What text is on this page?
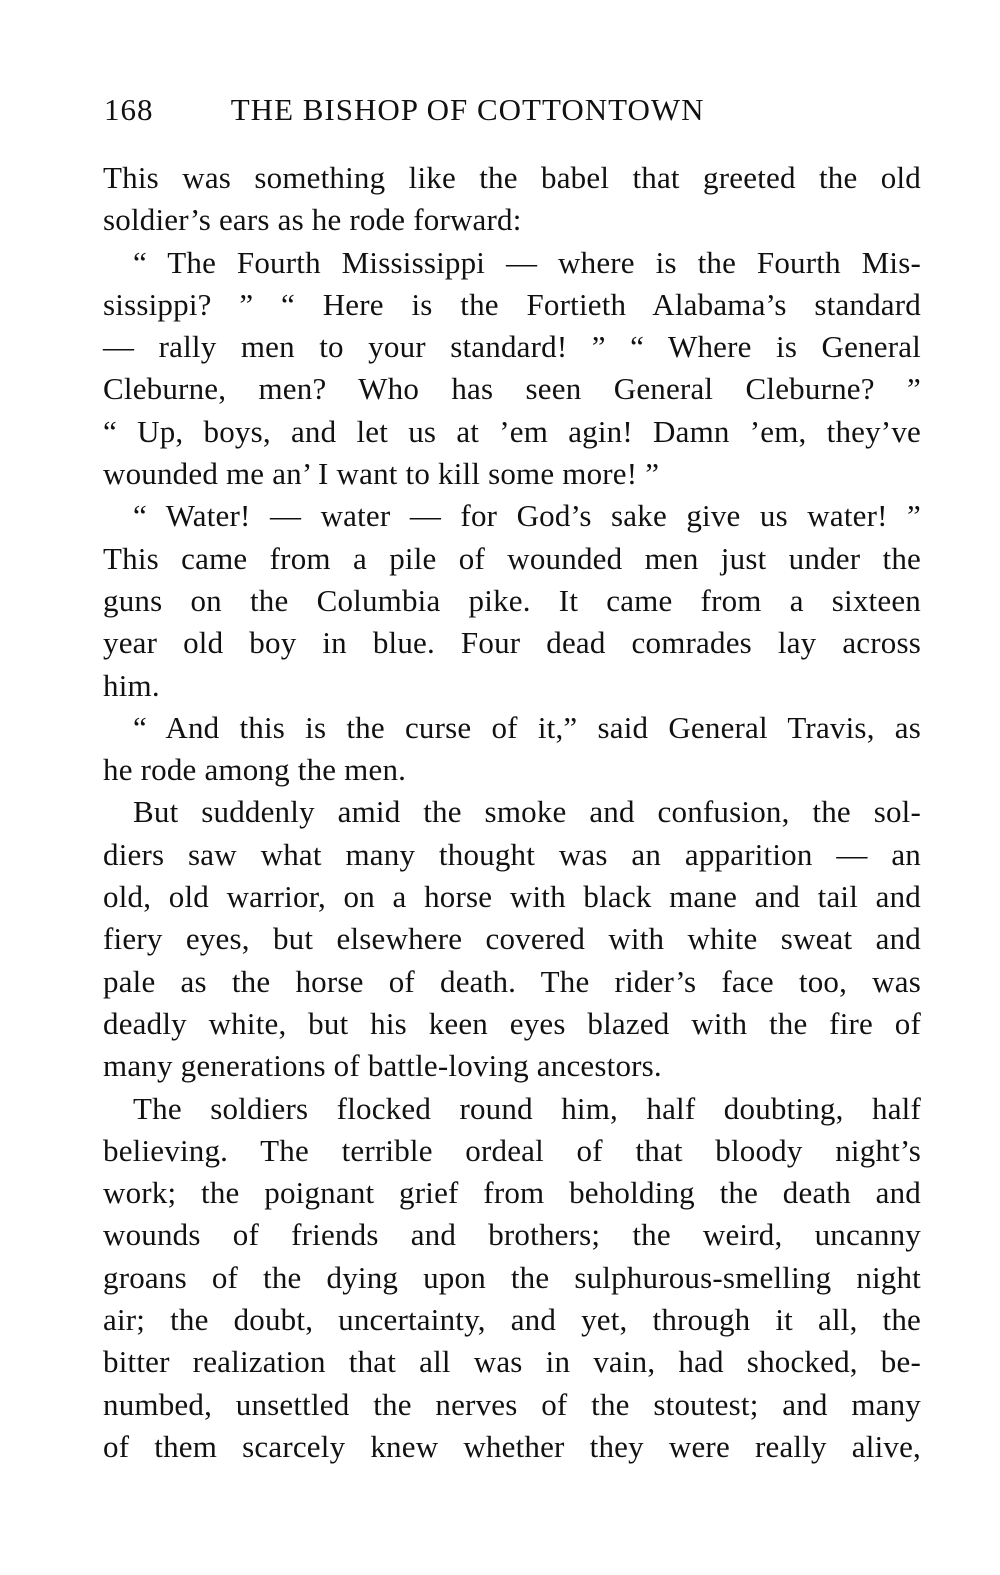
168 THE BISHOP OF COTTONTOWN
This was something like the babel that greeted the old
soldier’s ears as he rode forward:
“ The Fourth Mississippi — where is the Fourth Mis-
sissippi? ” “ Here is the Fortieth Alabama’s standard
— rally men to your standard! ” “ Where is General
Cleburne, men? Who has seen General Cleburne? ”
“ Up, boys, and let us at ’em agin! Damn ’em, they’ve
wounded me an’ I want to kill some more! ”
“ Water! — water — for God’s sake give us water! ”
This came from a pile of wounded men just under the
guns on the Columbia pike. It came from a sixteen
year old boy in blue. Four dead comrades lay across
him.
“ And this is the curse of it,” said General Travis, as
he rode among the men.
But suddenly amid the smoke and confusion, the sol-
diers saw what many thought was an apparition — an
old, old warrior, on a horse with black mane and tail and
fiery eyes, but elsewhere covered with white sweat and
pale as the horse of death. The rider’s face too, was
deadly white, but his keen eyes blazed with the fire of
many generations of battle-loving ancestors.
The soldiers flocked round him, half doubting, half
believing. The terrible ordeal of that bloody night’s
work; the poignant grief from beholding the death and
wounds of friends and brothers; the weird, uncanny
groans of the dying upon the sulphurous-smelling night
air; the doubt, uncertainty, and yet, through it all, the
bitter realization that all was in vain, had shocked, be-
numbed, unsettled the nerves of the stoutest; and many
of them scarcely knew whether they were really alive,
